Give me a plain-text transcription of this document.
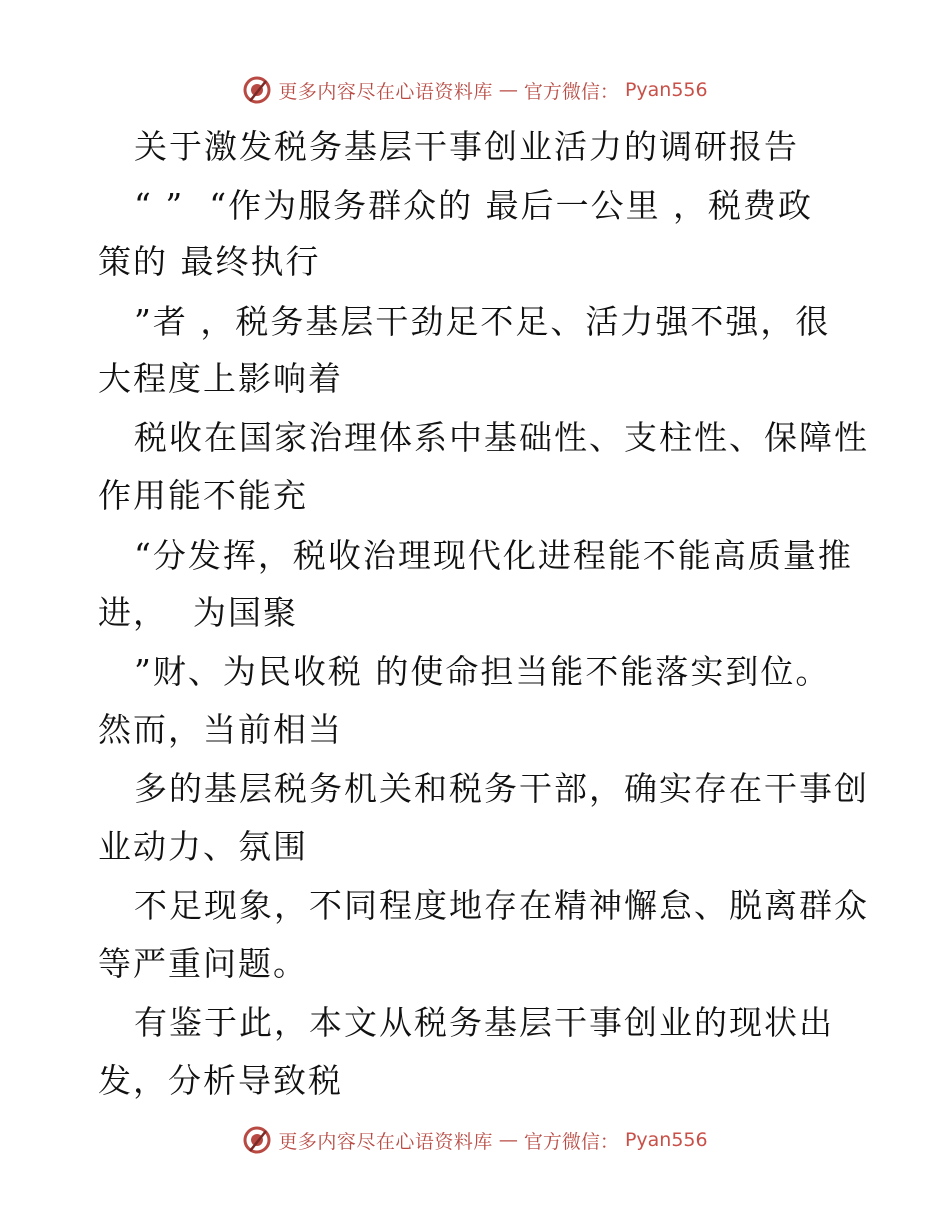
更多内容尽在心语资料库 — 官方微信： Pyan556
关于激发税务基层干事创业活力的调研报告
“ ”  “作为服务群众的 最后一公里 ，税费政
策的 最终执行
”者 ，税务基层干劲足不足、活力强不强，很
大程度上影响着
税收在国家治理体系中基础性、支柱性、保障性
作用能不能充
“分发挥，税收治理现代化进程能不能高质量推
进，  为国聚
”财、为民收税 的使命担当能不能落实到位。
然而，当前相当
多的基层税务机关和税务干部，确实存在干事创
业动力、氛围
不足现象，不同程度地存在精神懈怠、脱离群众
等严重问题。
有鉴于此，本文从税务基层干事创业的现状出
发，分析导致税
更多内容尽在心语资料库 — 官方微信： Pyan556
